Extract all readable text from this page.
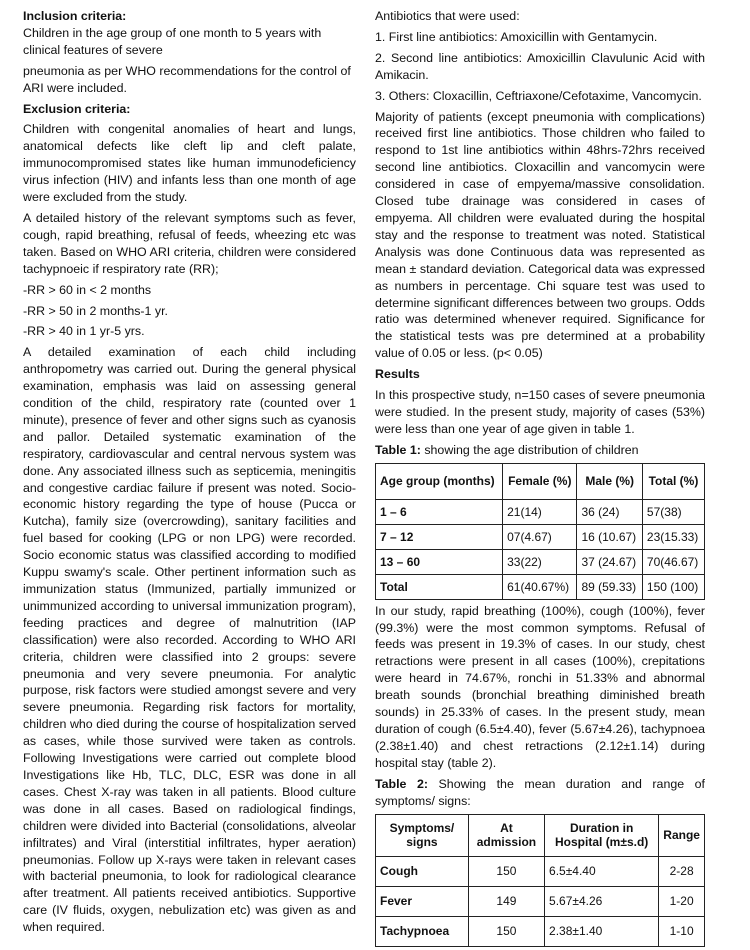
Inclusion criteria:

Children in the age group of one month to 5 years with clinical features of severe

pneumonia as per WHO recommendations for the control of ARI were included.

Exclusion criteria:

Children with congenital anomalies of heart and lungs, anatomical defects like cleft lip and cleft palate, immunocompromised states like human immunodeficiency virus infection (HIV) and infants less than one month of age were excluded from the study.

A detailed history of the relevant symptoms such as fever, cough, rapid breathing, refusal of feeds, wheezing etc was taken. Based on WHO ARI criteria, children were considered tachypnoeic if respiratory rate (RR);

-RR > 60 in < 2 months

-RR > 50 in 2 months-1 yr.

-RR > 40 in 1 yr-5 yrs.

A detailed examination of each child including anthropometry was carried out. During the general physical examination, emphasis was laid on assessing general condition of the child, respiratory rate (counted over 1 minute), presence of fever and other signs such as cyanosis and pallor. Detailed systematic examination of the respiratory, cardiovascular and central nervous system was done. Any associated illness such as septicemia, meningitis and congestive cardiac failure if present was noted. Socio-economic history regarding the type of house (Pucca or Kutcha), family size (overcrowding), sanitary facilities and fuel based for cooking (LPG or non LPG) were recorded. Socio economic status was classified according to modified Kuppu swamy's scale. Other pertinent information such as immunization status (Immunized, partially immunized or unimmunized according to universal immunization program), feeding practices and degree of malnutrition (IAP classification) were also recorded. According to WHO ARI criteria, children were classified into 2 groups: severe pneumonia and very severe pneumonia. For analytic purpose, risk factors were studied amongst severe and very severe pneumonia. Regarding risk factors for mortality, children who died during the course of hospitalization served as cases, while those survived were taken as controls. Following Investigations were carried out complete blood Investigations like Hb, TLC, DLC, ESR was done in all cases. Chest X-ray was taken in all patients. Blood culture was done in all cases. Based on radiological findings, children were divided into Bacterial (consolidations, alveolar infiltrates) and Viral (interstitial infiltrates, hyper aeration) pneumonias. Follow up X-rays were taken in relevant cases with bacterial pneumonia, to look for radiological clearance after treatment. All patients received antibiotics. Supportive care (IV fluids, oxygen, nebulization etc) was given as and when required.

Antibiotics that were used:

1. First line antibiotics: Amoxicillin with Gentamycin.

2. Second line antibiotics: Amoxicillin Clavulunic Acid with Amikacin.

3. Others: Cloxacillin, Ceftriaxone/Cefotaxime, Vancomycin.

Majority of patients (except pneumonia with complications) received first line antibiotics. Those children who failed to respond to 1st line antibiotics within 48hrs-72hrs received second line antibiotics. Cloxacillin and vancomycin were considered in case of empyema/massive consolidation. Closed tube drainage was considered in cases of empyema. All children were evaluated during the hospital stay and the response to treatment was noted. Statistical Analysis was done Continuous data was represented as mean ± standard deviation. Categorical data was expressed as numbers in percentage. Chi square test was used to determine significant differences between two groups. Odds ratio was determined whenever required. Significance for the statistical tests was pre determined at a probability value of 0.05 or less. (p< 0.05)

Results

In this prospective study, n=150 cases of severe pneumonia were studied. In the present study, majority of cases (53%) were less than one year of age given in table 1.

Table 1: showing the age distribution of children

Age group (months)	Female (%)	Male (%)	Total (%)
1 – 6	21(14)	36 (24)	57(38)
7 – 12	07(4.67)	16 (10.67)	23(15.33)
13 – 60	33(22)	37 (24.67)	70(46.67)
Total	61(40.67%)	89 (59.33)	150 (100)

In our study, rapid breathing (100%), cough (100%), fever (99.3%) were the most common symptoms. Refusal of feeds was present in 19.3% of cases. In our study, chest retractions were present in all cases (100%), crepitations were heard in 74.67%, ronchi in 51.33% and abnormal breath sounds (bronchial breathing diminished breath sounds) in 25.33% of cases. In the present study, mean duration of cough (6.5±4.40), fever (5.67±4.26), tachypnoea (2.38±1.40) and chest retractions (2.12±1.14) during hospital stay (table 2).

Table 2: Showing the mean duration and range of symptoms/ signs:

Symptoms/ signs	At admission	Duration in Hospital (m±s.d)	Range
Cough	150	6.5±4.40	2-28
Fever	149	5.67±4.26	1-20
Tachypnoea	150	2.38±1.40	1-10
